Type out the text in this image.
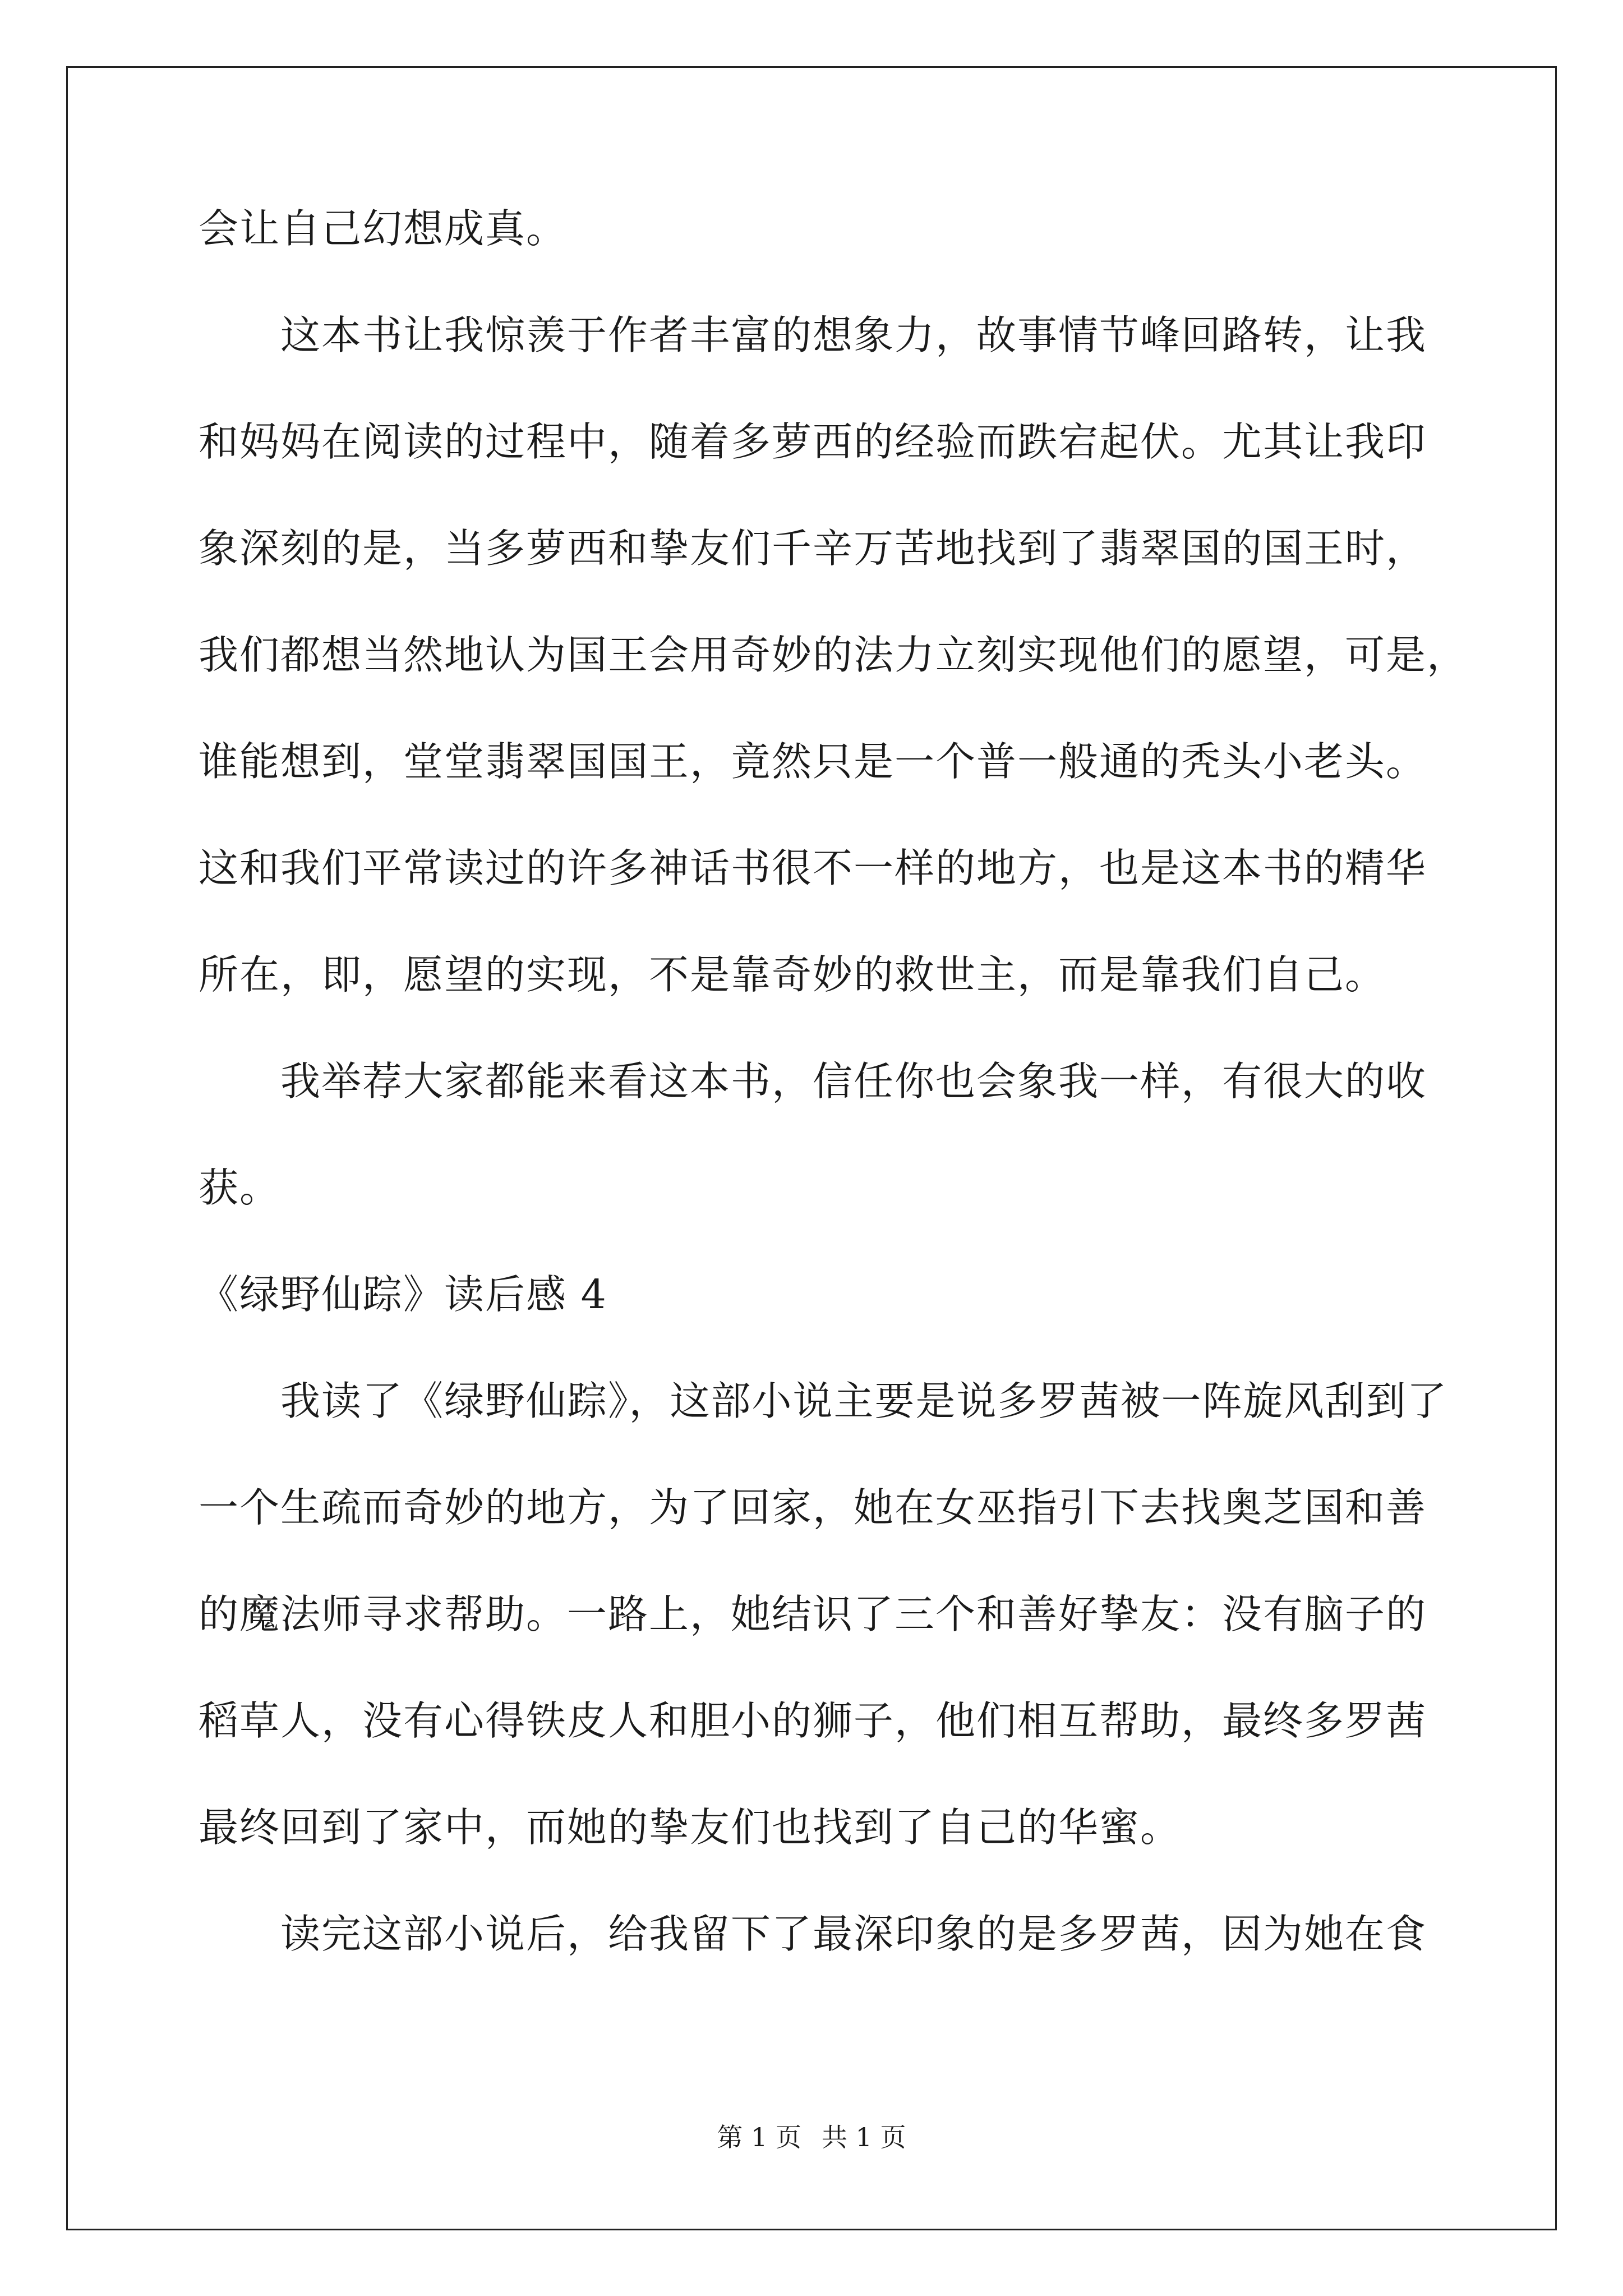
会让自己幻想成真。
　　这本书让我惊羡于作者丰富的想象力，故事情节峰回路转，让我
和妈妈在阅读的过程中，随着多萝西的经验而跌宕起伏。尤其让我印
象深刻的是，当多萝西和挚友们千辛万苦地找到了翡翠国的国王时，
我们都想当然地认为国王会用奇妙的法力立刻实现他们的愿望，可是，
谁能想到，堂堂翡翠国国王，竟然只是一个普一般通的秃头小老头。
这和我们平常读过的许多神话书很不一样的地方，也是这本书的精华
所在，即，愿望的实现，不是靠奇妙的救世主，而是靠我们自己。
　　我举荐大家都能来看这本书，信任你也会象我一样，有很大的收
获。
《绿野仙踪》读后感 4
　　我读了《绿野仙踪》，这部小说主要是说多罗茜被一阵旋风刮到了
一个生疏而奇妙的地方，为了回家，她在女巫指引下去找奥芝国和善
的魔法师寻求帮助。一路上，她结识了三个和善好挚友：没有脑子的
稻草人，没有心得铁皮人和胆小的狮子，他们相互帮助，最终多罗茜
最终回到了家中，而她的挚友们也找到了自己的华蜜。
　　读完这部小说后，给我留下了最深印象的是多罗茜，因为她在食
第 1 页 共 1 页
